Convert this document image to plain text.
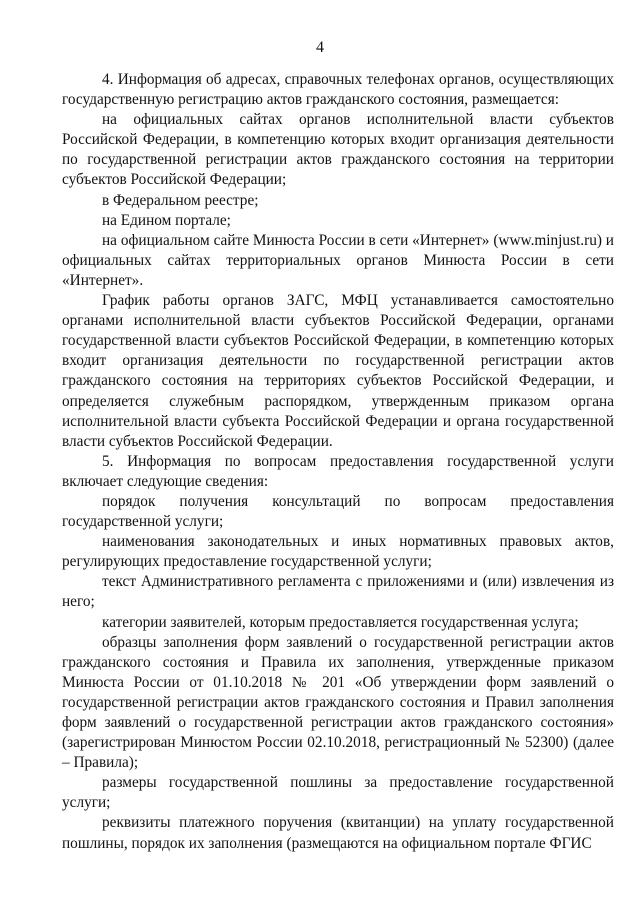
4

4. Информация об адресах, справочных телефонах органов, осуществляющих государственную регистрацию актов гражданского состояния, размещается:

на официальных сайтах органов исполнительной власти субъектов Российской Федерации, в компетенцию которых входит организация деятельности по государственной регистрации актов гражданского состояния на территории субъектов Российской Федерации;

в Федеральном реестре;

на Едином портале;

на официальном сайте Минюста России в сети «Интернет» (www.minjust.ru) и официальных сайтах территориальных органов Минюста России в сети «Интернет».

График работы органов ЗАГС, МФЦ устанавливается самостоятельно органами исполнительной власти субъектов Российской Федерации, органами государственной власти субъектов Российской Федерации, в компетенцию которых входит организация деятельности по государственной регистрации актов гражданского состояния на территориях субъектов Российской Федерации, и определяется служебным распорядком, утвержденным приказом органа исполнительной власти субъекта Российской Федерации и органа государственной власти субъектов Российской Федерации.

5. Информация по вопросам предоставления государственной услуги включает следующие сведения:

порядок получения консультаций по вопросам предоставления государственной услуги;

наименования законодательных и иных нормативных правовых актов, регулирующих предоставление государственной услуги;

текст Административного регламента с приложениями и (или) извлечения из него;

категории заявителей, которым предоставляется государственная услуга;

образцы заполнения форм заявлений о государственной регистрации актов гражданского состояния и Правила их заполнения, утвержденные приказом Минюста России от 01.10.2018 № 201 «Об утверждении форм заявлений о государственной регистрации актов гражданского состояния и Правил заполнения форм заявлений о государственной регистрации актов гражданского состояния» (зарегистрирован Минюстом России 02.10.2018, регистрационный № 52300) (далее – Правила);

размеры государственной пошлины за предоставление государственной услуги;

реквизиты платежного поручения (квитанции) на уплату государственной пошлины, порядок их заполнения (размещаются на официальном портале ФГИС
